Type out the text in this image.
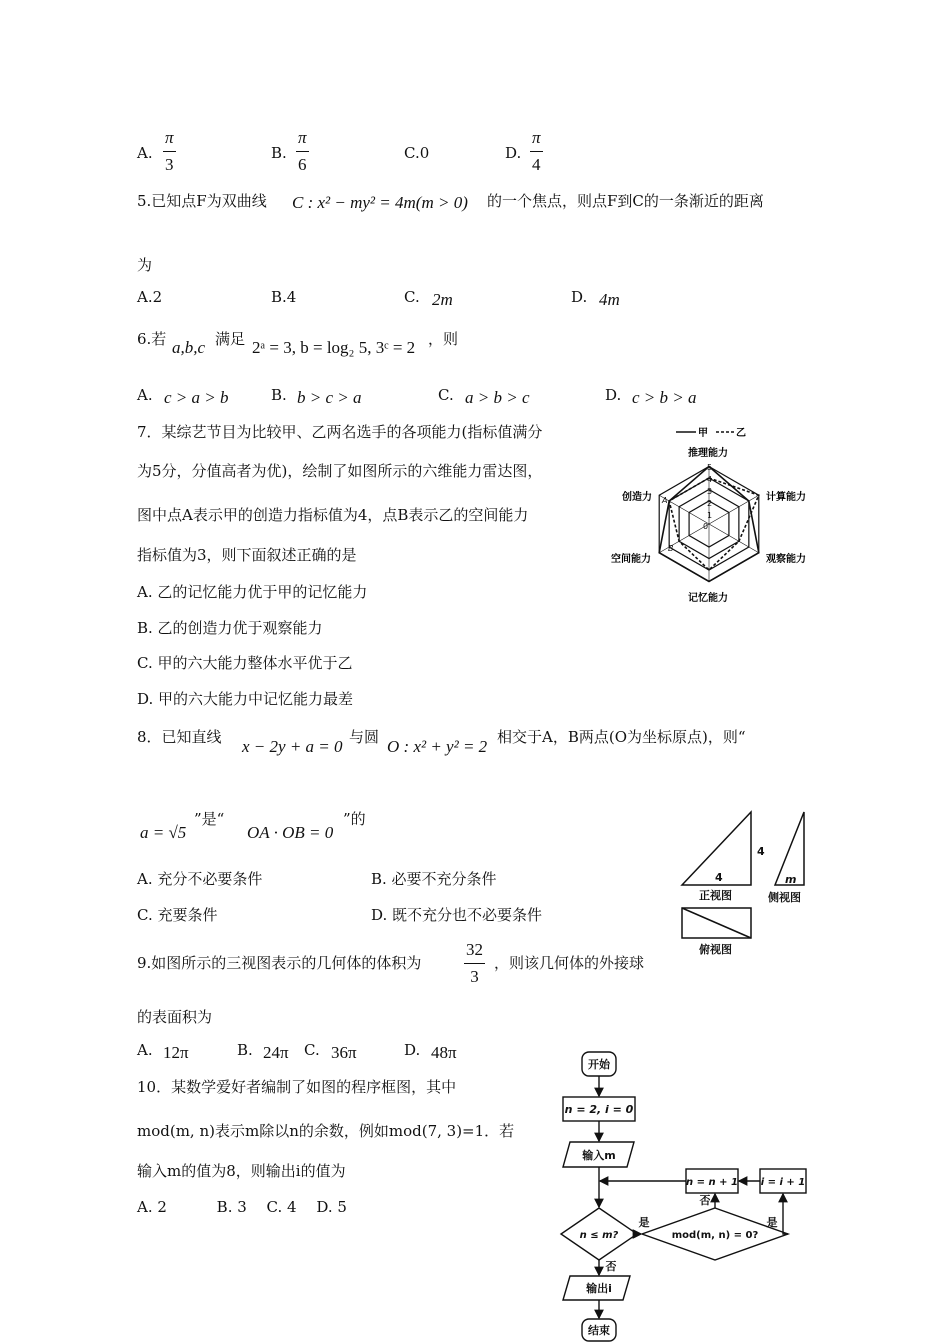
A.
π
3
B.
π
6
C.0	D.
π
4
5.已知点F为双曲线 C : x² − my² = 4m(m > 0) 的一个焦点，则点F到C的一条渐近的距离
为
A.2	B.4	C. 2m	D. 4m
6.若 a,b,c 满足 2ᵃ = 3, b = log₂ 5, 3ᶜ = 2 ，则
A. c > a > b	B. b > c > a	C. a > b > c	D. c > b > a
7．某综艺节目为比较甲、乙两名选手的各项能力(指标值满分
为5分，分值高者为优)，绘制了如图所示的六维能力雷达图，
图中点A表示甲的创造力指标值为4，点B表示乙的空间能力
指标值为3，则下面叙述正确的是
A. 乙的记忆能力优于甲的记忆能力
B. 乙的创造力优于观察能力
C. 甲的六大能力整体水平优于乙
D. 甲的六大能力中记忆能力最差
甲	乙
推理能力
计算能力
观察能力
记忆能力
空间能力
创造力
5
4
3
2
1
0
A
B
8．已知直线 x − 2y + a = 0 与圆 O : x² + y² = 2 相交于A，B两点(O为坐标原点)，则“
a = √5
”是“
OA · OB = 0
”的
A. 充分不必要条件	B. 必要不充分条件
C. 充要条件	D. 既不充分也不必要条件
4
4
m
正视图	侧视图
俯视图
9.如图所示的三视图表示的几何体的体积为
32
3
，则该几何体的外接球
的表面积为
A. 12π	B. 24π C. 36π	D. 48π
10．某数学爱好者编制了如图的程序框图，其中
mod(m, n)表示m除以n的余数，例如mod(7, 3)=1．若
输入m的值为8，则输出i的值为
A. 2　　　 B. 3　 C. 4　 D. 5
开始
n = 2, i = 0
输入m
n ≤ m?	mod(m, n) = 0?
n = n + 1 i = i + 1
是	是
否
否
输出i
结束
